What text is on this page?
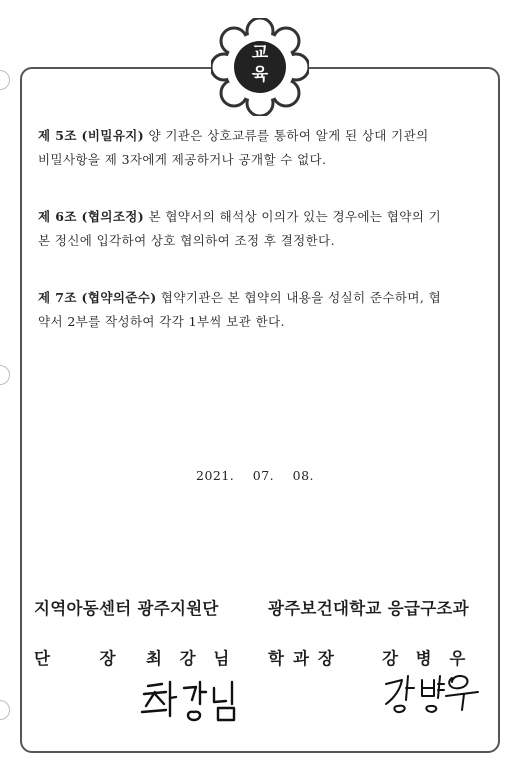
교
육
제 5조 (비밀유지) 양 기관은 상호교류를 통하여 알게 된 상대 기관의
비밀사항을 제 3자에게 제공하거나 공개할 수 없다.
제 6조 (협의조정) 본 협약서의 해석상 이의가 있는 경우에는 협약의 기
본 정신에 입각하여 상호 협의하여 조정 후 결정한다.
제 7조 (협약의준수) 협약기관은 본 협약의 내용을 성실히 준수하며, 협
약서 2부를 작성하여 각각 1부씩 보관 한다.
2021. 07. 08.
지역아동센터 광주지원단	광주보건대학교 응급구조과
단 장 최 강 님 학과장 강 병 우
